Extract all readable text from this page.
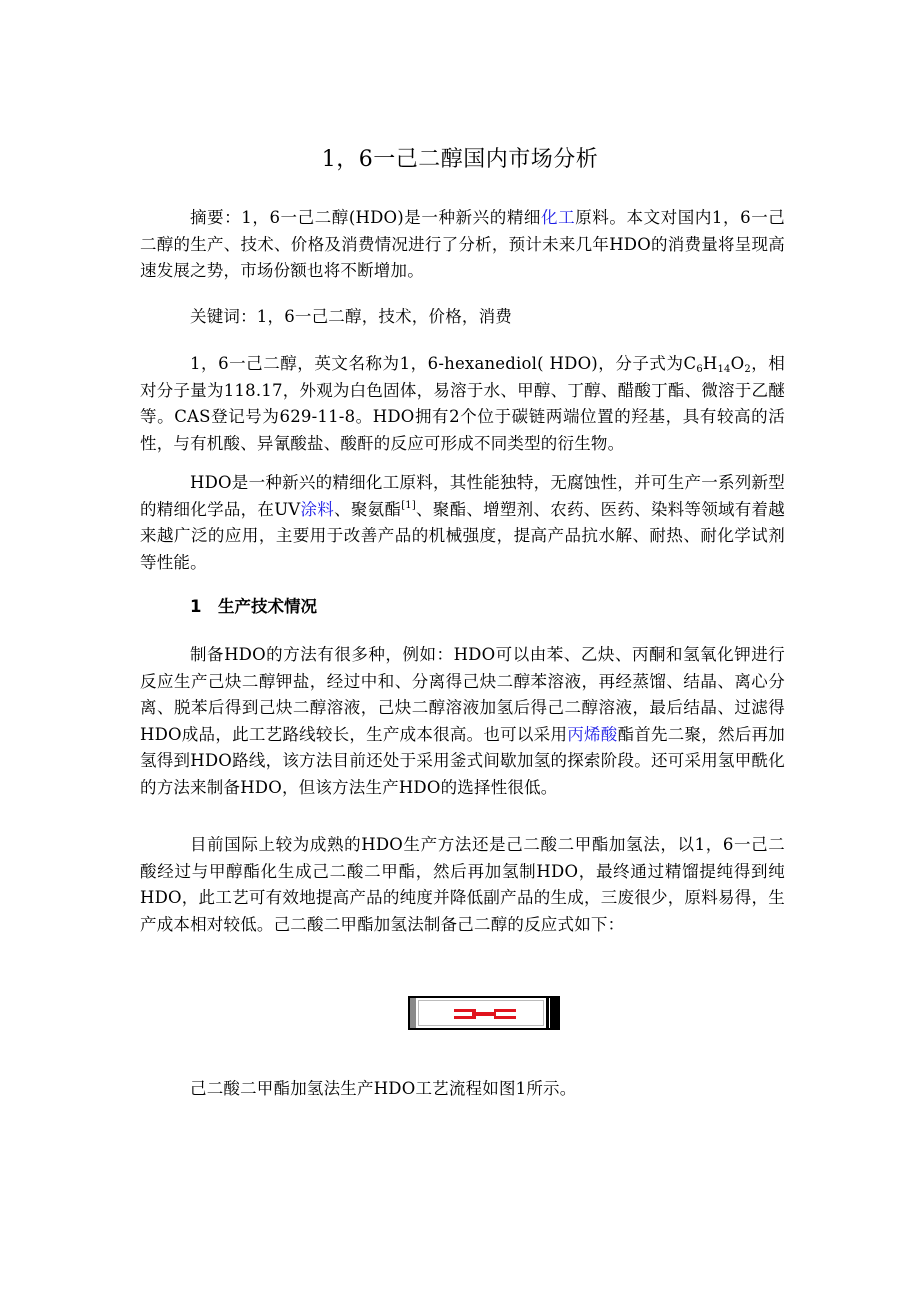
1，6一己二醇国内市场分析

摘要：1，6一己二醇(HDO)是一种新兴的精细化工原料。本文对国内1，6一己二醇的生产、技术、价格及消费情况进行了分析，预计未来几年HDO的消费量将呈现高速发展之势，市场份额也将不断增加。

关键词：1，6一己二醇，技术，价格，消费

1，6一己二醇，英文名称为1，6-hexanediol( HDO)，分子式为$C_6H_{14}O_2$，相对分子量为118.17，外观为白色固体，易溶于水、甲醇、丁醇、醋酸丁酯、微溶于乙醚等。CAS登记号为629-11-8。HDO拥有2个位于碳链两端位置的羟基，具有较高的活性，与有机酸、异氰酸盐、酸酐的反应可形成不同类型的衍生物。

HDO是一种新兴的精细化工原料，其性能独特，无腐蚀性，并可生产一系列新型的精细化学品，在UV涂料、聚氨酯[1]、聚酯、增塑剂、农药、医药、染料等领域有着越来越广泛的应用，主要用于改善产品的机械强度，提高产品抗水解、耐热、耐化学试剂等性能。

1 生产技术情况

制备HDO的方法有很多种，例如：HDO可以由苯、乙炔、丙酮和氢氧化钾进行反应生产己炔二醇钾盐，经过中和、分离得己炔二醇苯溶液，再经蒸馏、结晶、离心分离、脱苯后得到己炔二醇溶液，己炔二醇溶液加氢后得己二醇溶液，最后结晶、过滤得HDO成品，此工艺路线较长，生产成本很高。也可以采用丙烯酸酯首先二聚，然后再加氢得到HDO路线，该方法目前还处于采用釜式间歇加氢的探索阶段。还可采用氢甲酰化的方法来制备HDO，但该方法生产HDO的选择性很低。

目前国际上较为成熟的HDO生产方法还是己二酸二甲酯加氢法，以1，6一己二酸经过与甲醇酯化生成己二酸二甲酯，然后再加氢制HDO，最终通过精馏提纯得到纯HDO，此工艺可有效地提高产品的纯度并降低副产品的生成，三废很少，原料易得，生产成本相对较低。己二酸二甲酯加氢法制备己二醇的反应式如下：

己二酸二甲酯加氢法生产HDO工艺流程如图1所示。
